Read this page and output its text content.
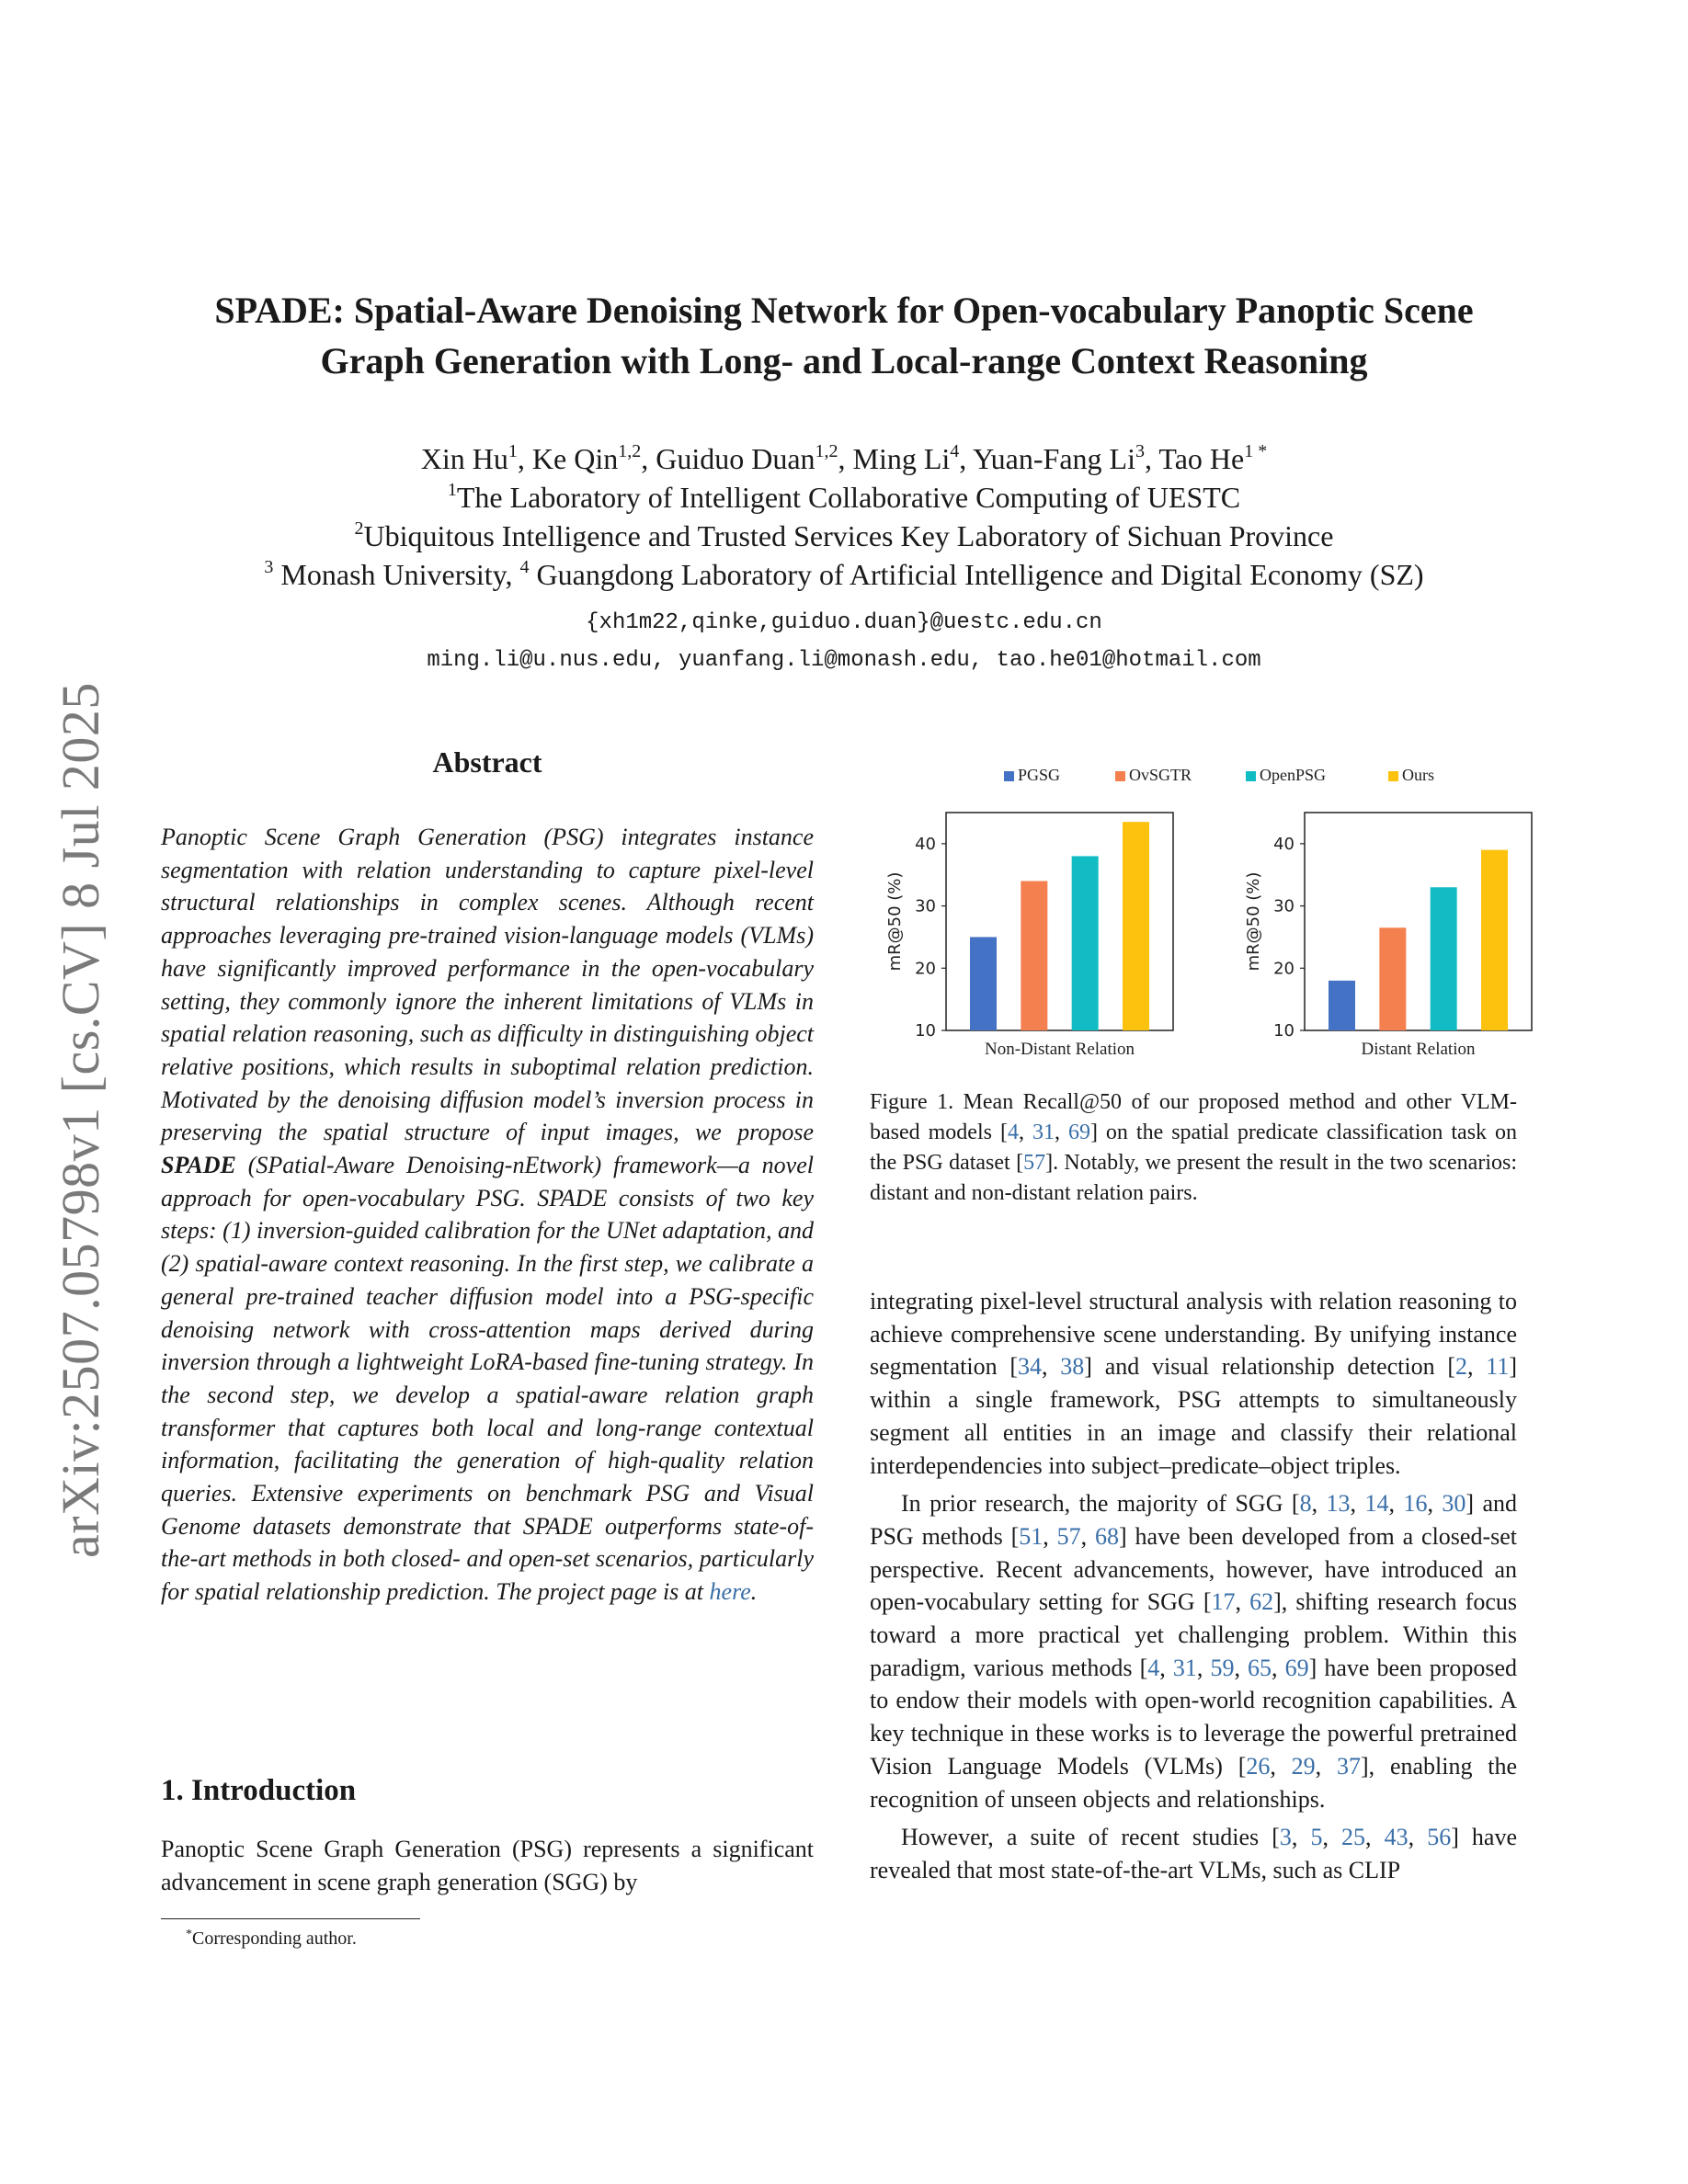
arXiv:2507.05798v1 [cs.CV] 8 Jul 2025
SPADE: Spatial-Aware Denoising Network for Open-vocabulary Panoptic Scene
Graph Generation with Long- and Local-range Context Reasoning
Xin Hu$^1$, Ke Qin$^{1,2}$, Guiduo Duan$^{1,2}$, Ming Li$^4$, Yuan-Fang Li$^3$, Tao $He^{1 *}$
$^1$The Laboratory of Intelligent Collaborative Computing of UESTC
$^2$Ubiquitous Intelligence and Trusted Services Key Laboratory of Sichuan Province
$^3$ Monash University, $^4$ Guangdong Laboratory of Artificial Intelligence and Digital Economy (SZ)
{xh1m22,qinke,guiduo.duan}@uestc.edu.cn
ming.li@u.nus.edu, yuanfang.li@monash.edu, tao.he01@hotmail.com
Abstract
Panoptic Scene Graph Generation (PSG) integrates instance segmentation with relation understanding to capture pixel-level structural relationships in complex scenes. Although recent approaches leveraging pre-trained vision-language models (VLMs) have significantly improved performance in the open-vocabulary setting, they commonly ignore the inherent limitations of VLMs in spatial relation reasoning, such as difficulty in distinguishing object relative positions, which results in suboptimal relation prediction. Motivated by the denoising diffusion model’s inversion process in preserving the spatial structure of input images, we propose SPADE (SPatial-Aware Denoising-nEtwork) framework—a novel approach for open-vocabulary PSG. SPADE consists of two key steps: (1) inversion-guided calibration for the UNet adaptation, and (2) spatial-aware context reasoning. In the first step, we calibrate a general pre-trained teacher diffusion model into a PSG-specific denoising network with cross-attention maps derived during inversion through a lightweight LoRA-based fine-tuning strategy. In the second step, we develop a spatial-aware relation graph transformer that captures both local and long-range contextual information, facilitating the generation of high-quality relation queries. Extensive experiments on benchmark PSG and Visual Genome datasets demonstrate that SPADE outperforms state-of-the-art methods in both closed- and open-set scenarios, particularly for spatial relationship prediction. The project page is at here.
1. Introduction
Panoptic Scene Graph Generation (PSG) represents a significant advancement in scene graph generation (SGG) by
*Corresponding author.
PGSG	OvSGTR	OpenPSG	Ours
10
20
30
40
mR@50 (%)
Non-Distant Relation
10
20
30
40
mR@50 (%)
Distant Relation
Figure 1. Mean Recall@50 of our proposed method and other VLM-based models [4, 31, 69] on the spatial predicate classification task on the PSG dataset [57]. Notably, we present the result in the two scenarios: distant and non-distant relation pairs.

integrating pixel-level structural analysis with relation reasoning to achieve comprehensive scene understanding. By unifying instance segmentation [34, 38] and visual relationship detection [2, 11] within a single framework, PSG attempts to simultaneously segment all entities in an image and classify their relational interdependencies into subject–predicate–object triples.

In prior research, the majority of SGG [8, 13, 14, 16, 30] and PSG methods [51, 57, 68] have been developed from a closed-set perspective. Recent advancements, however, have introduced an open-vocabulary setting for SGG [17, 62], shifting research focus toward a more practical yet challenging problem. Within this paradigm, various methods [4, 31, 59, 65, 69] have been proposed to endow their models with open-world recognition capabilities. A key technique in these works is to leverage the powerful pretrained Vision Language Models (VLMs) [26, 29, 37], enabling the recognition of unseen objects and relationships.

However, a suite of recent studies [3, 5, 25, 43, 56] have revealed that most state-of-the-art VLMs, such as CLIP
